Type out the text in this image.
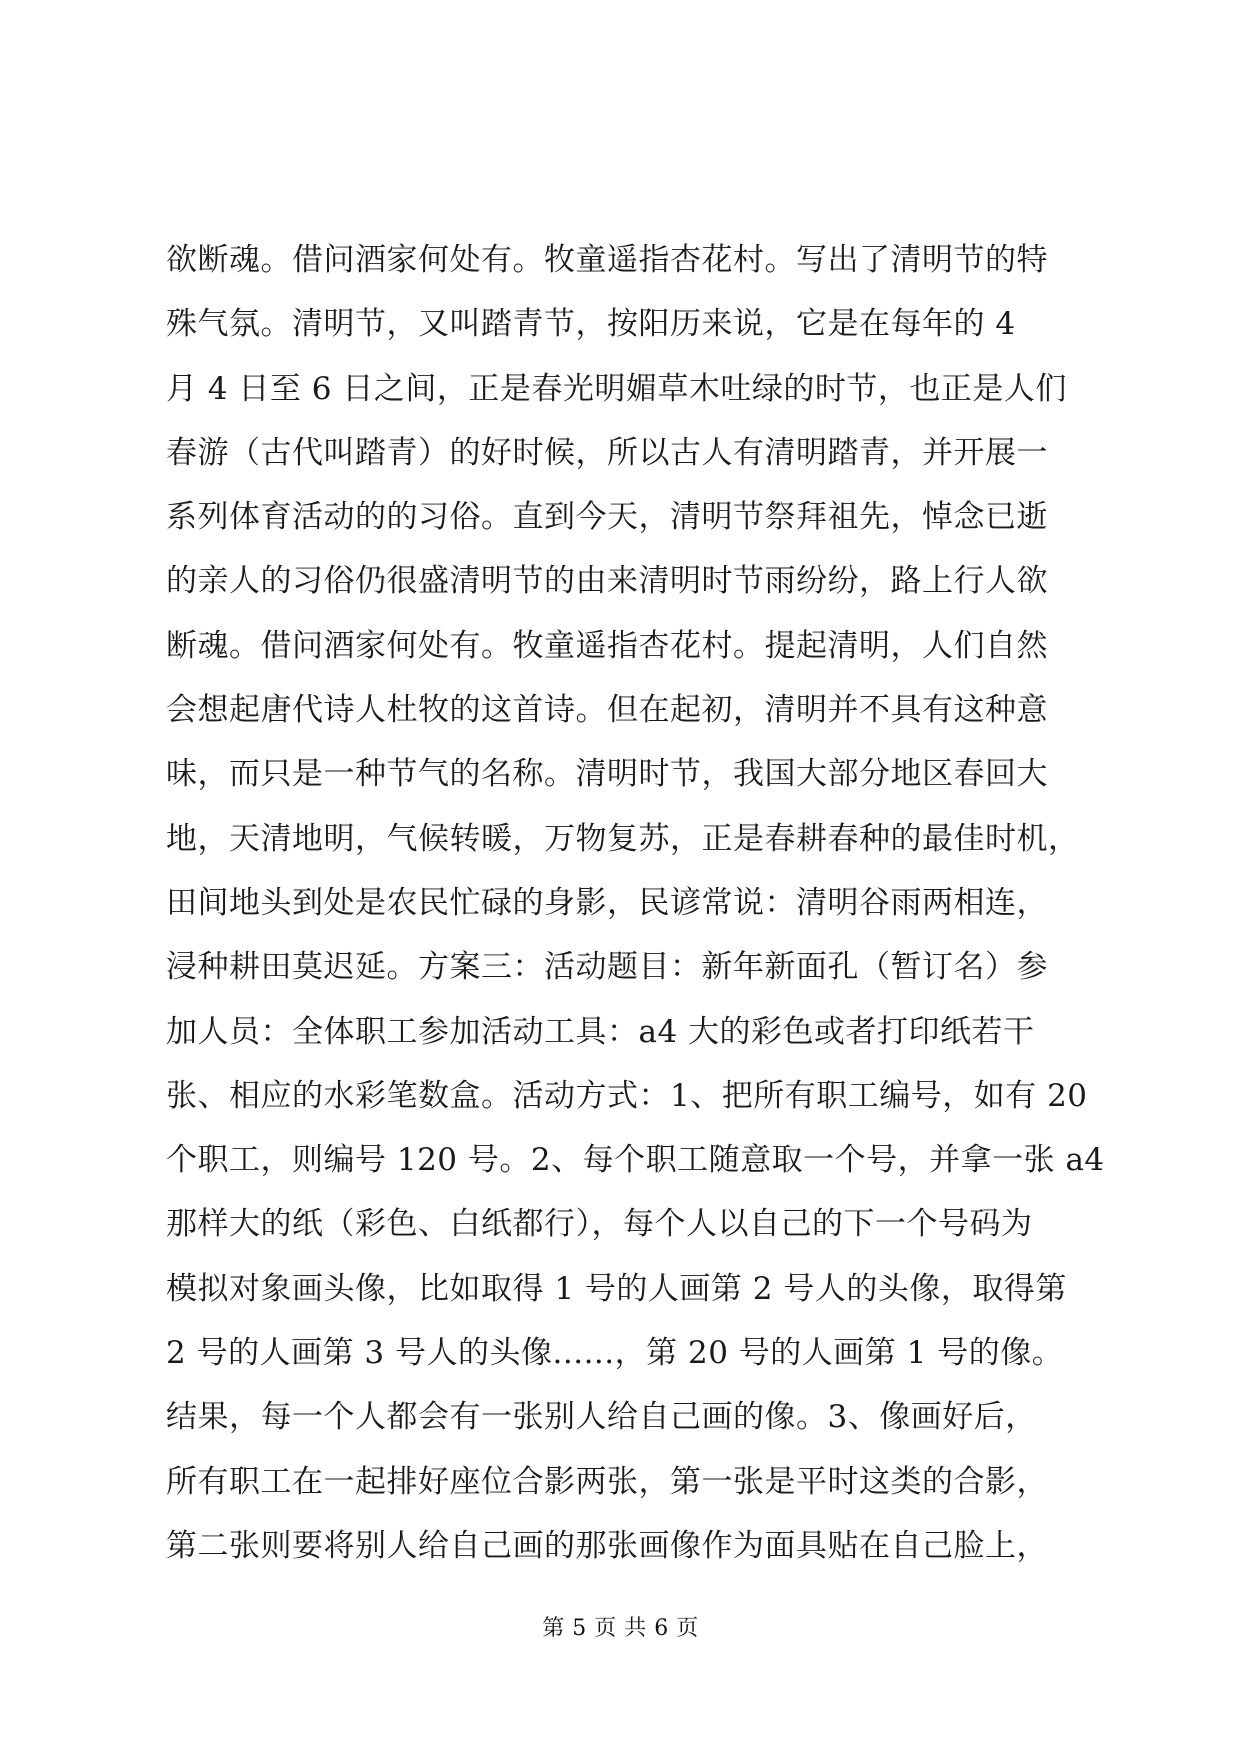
欲断魂。借问酒家何处有。牧童遥指杏花村。写出了清明节的特
殊气氛。清明节，又叫踏青节，按阳历来说，它是在每年的 4
月 4 日至 6 日之间，正是春光明媚草木吐绿的时节，也正是人们
春游（古代叫踏青）的好时候，所以古人有清明踏青，并开展一
系列体育活动的的习俗。直到今天，清明节祭拜祖先，悼念已逝
的亲人的习俗仍很盛清明节的由来清明时节雨纷纷，路上行人欲
断魂。借问酒家何处有。牧童遥指杏花村。提起清明，人们自然
会想起唐代诗人杜牧的这首诗。但在起初，清明并不具有这种意
味，而只是一种节气的名称。清明时节，我国大部分地区春回大
地，天清地明，气候转暖，万物复苏，正是春耕春种的最佳时机，
田间地头到处是农民忙碌的身影，民谚常说：清明谷雨两相连，
浸种耕田莫迟延。方案三：活动题目：新年新面孔（暂订名）参
加人员：全体职工参加活动工具：a4 大的彩色或者打印纸若干
张、相应的水彩笔数盒。活动方式：1、把所有职工编号，如有 20
个职工，则编号 120 号。2、每个职工随意取一个号，并拿一张 a4
那样大的纸（彩色、白纸都行），每个人以自己的下一个号码为
模拟对象画头像，比如取得 1 号的人画第 2 号人的头像，取得第
2 号的人画第 3 号人的头像......，第 20 号的人画第 1 号的像。
结果，每一个人都会有一张别人给自己画的像。3、像画好后，
所有职工在一起排好座位合影两张，第一张是平时这类的合影，
第二张则要将别人给自己画的那张画像作为面具贴在自己脸上，
第 5 页 共 6 页
